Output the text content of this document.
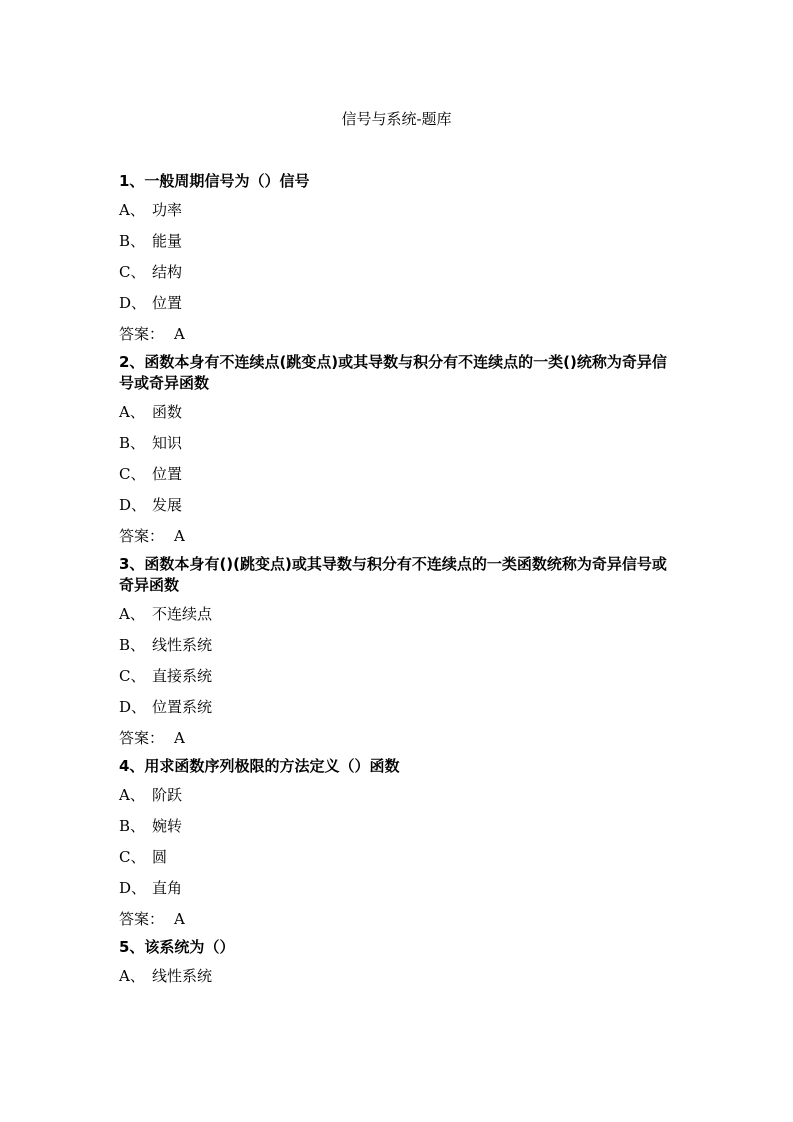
信号与系统-题库
1、一般周期信号为（）信号
A、 功率
B、 能量
C、 结构
D、 位置
答案： A
2、函数本身有不连续点(跳变点)或其导数与积分有不连续点的一类()统称为奇异信号或奇异函数
A、 函数
B、 知识
C、 位置
D、 发展
答案： A
3、函数本身有()(跳变点)或其导数与积分有不连续点的一类函数统称为奇异信号或奇异函数
A、 不连续点
B、 线性系统
C、 直接系统
D、 位置系统
答案： A
4、用求函数序列极限的方法定义（）函数
A、 阶跃
B、 婉转
C、 圆
D、 直角
答案： A
5、该系统为（）
A、 线性系统
